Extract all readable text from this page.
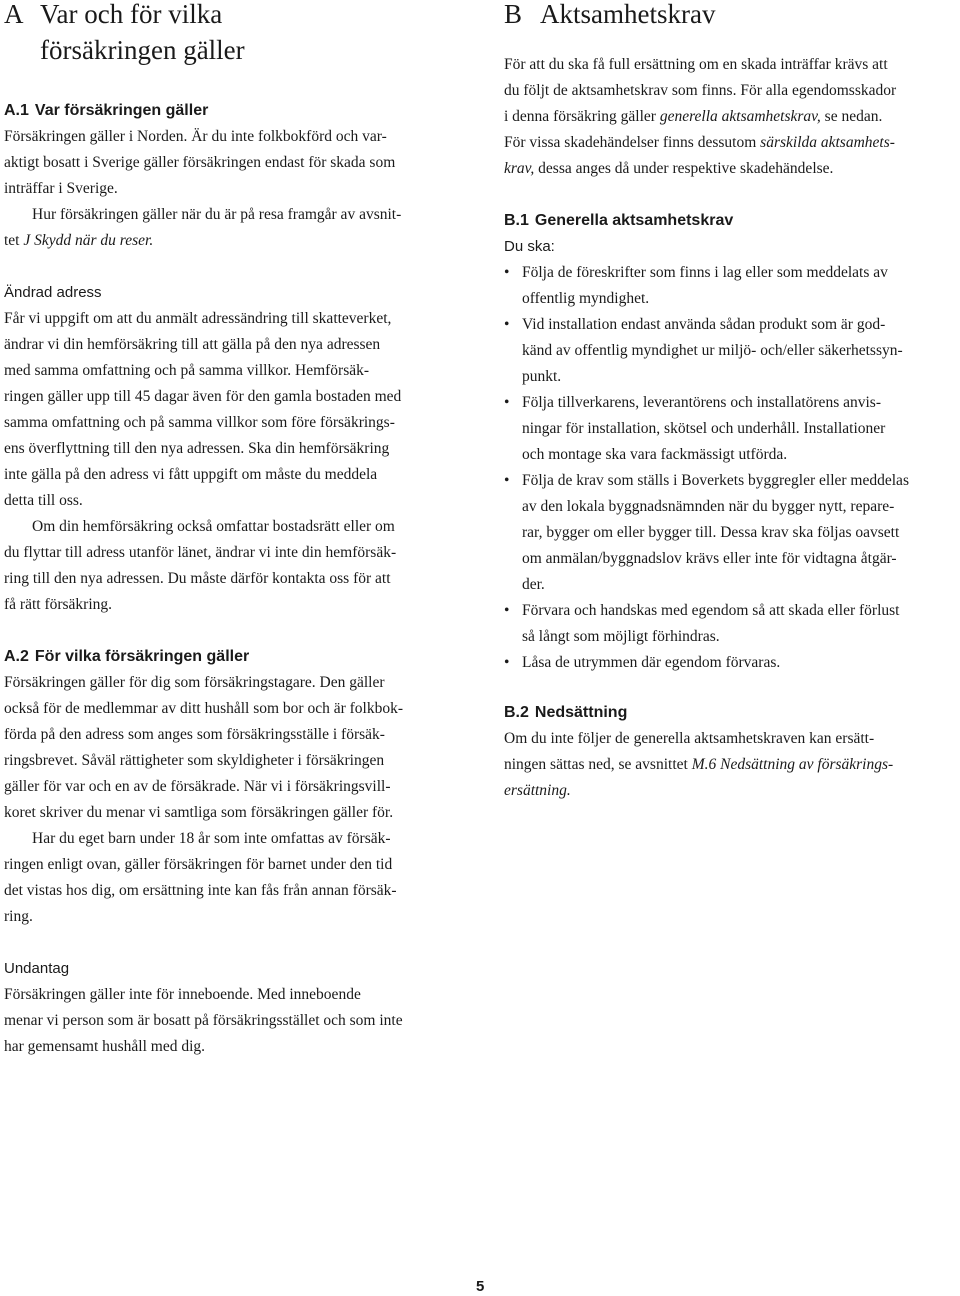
A Var och för vilka
försäkringen gäller
A.1 Var försäkringen gäller

Försäkringen gäller i Norden. Är du inte folkbokförd och var-
aktigt bosatt i Sverige gäller försäkringen endast för skada som
inträffar i Sverige.

Hur försäkringen gäller när du är på resa framgår av avsnit-
tet J Skydd när du reser.

Ändrad adress

Får vi uppgift om att du anmält adressändring till skatteverket,
ändrar vi din hemförsäkring till att gälla på den nya adressen
med samma omfattning och på samma villkor. Hemförsäk-
ringen gäller upp till 45 dagar även för den gamla bostaden med
samma omfattning och på samma villkor som före försäkrings-
ens överflyttning till den nya adressen. Ska din hemförsäkring
inte gälla på den adress vi fått uppgift om måste du meddela
detta till oss.

Om din hemförsäkring också omfattar bostadsrätt eller om
du flyttar till adress utanför länet, ändrar vi inte din hemförsäk-
ring till den nya adressen. Du måste därför kontakta oss för att
få rätt försäkring.

A.2 För vilka försäkringen gäller

Försäkringen gäller för dig som försäkringstagare. Den gäller
också för de medlemmar av ditt hushåll som bor och är folkbok-
förda på den adress som anges som försäkringsställe i försäk-
ringsbrevet. Såväl rättigheter som skyldigheter i försäkringen
gäller för var och en av de försäkrade. När vi i försäkringsvill-
koret skriver du menar vi samtliga som försäkringen gäller för.

Har du eget barn under 18 år som inte omfattas av försäk-
ringen enligt ovan, gäller försäkringen för barnet under den tid
det vistas hos dig, om ersättning inte kan fås från annan försäk-
ring.

Undantag

Försäkringen gäller inte för inneboende. Med inneboende
menar vi person som är bosatt på försäkringsstället och som inte
har gemensamt hushåll med dig.

B Aktsamhetskrav

För att du ska få full ersättning om en skada inträffar krävs att
du följt de aktsamhetskrav som finns. För alla egendomsskador
i denna försäkring gäller generella aktsamhetskrav, se nedan.
För vissa skadehändelser finns dessutom särskilda aktsamhets-
krav, dessa anges då under respektive skadehändelse.

B.1 Generella aktsamhetskrav

Du ska:

• Följa de föreskrifter som finns i lag eller som meddelats av
offentlig myndighet.
• Vid installation endast använda sådan produkt som är god-
känd av offentlig myndighet ur miljö- och/eller säkerhetssyn-
punkt.
• Följa tillverkarens, leverantörens och installatörens anvis-
ningar för installation, skötsel och underhåll. Installationer
och montage ska vara fackmässigt utförda.
• Följa de krav som ställs i Boverkets byggregler eller meddelas
av den lokala byggnadsnämnden när du bygger nytt, repare-
rar, bygger om eller bygger till. Dessa krav ska följas oavsett
om anmälan/byggnadslov krävs eller inte för vidtagna åtgär-
der.
• Förvara och handskas med egendom så att skada eller förlust
så långt som möjligt förhindras.
• Låsa de utrymmen där egendom förvaras.
B.2 Nedsättning

Om du inte följer de generella aktsamhetskraven kan ersätt-
ningen sättas ned, se avsnittet M.6 Nedsättning av försäkrings-
ersättning.

5
